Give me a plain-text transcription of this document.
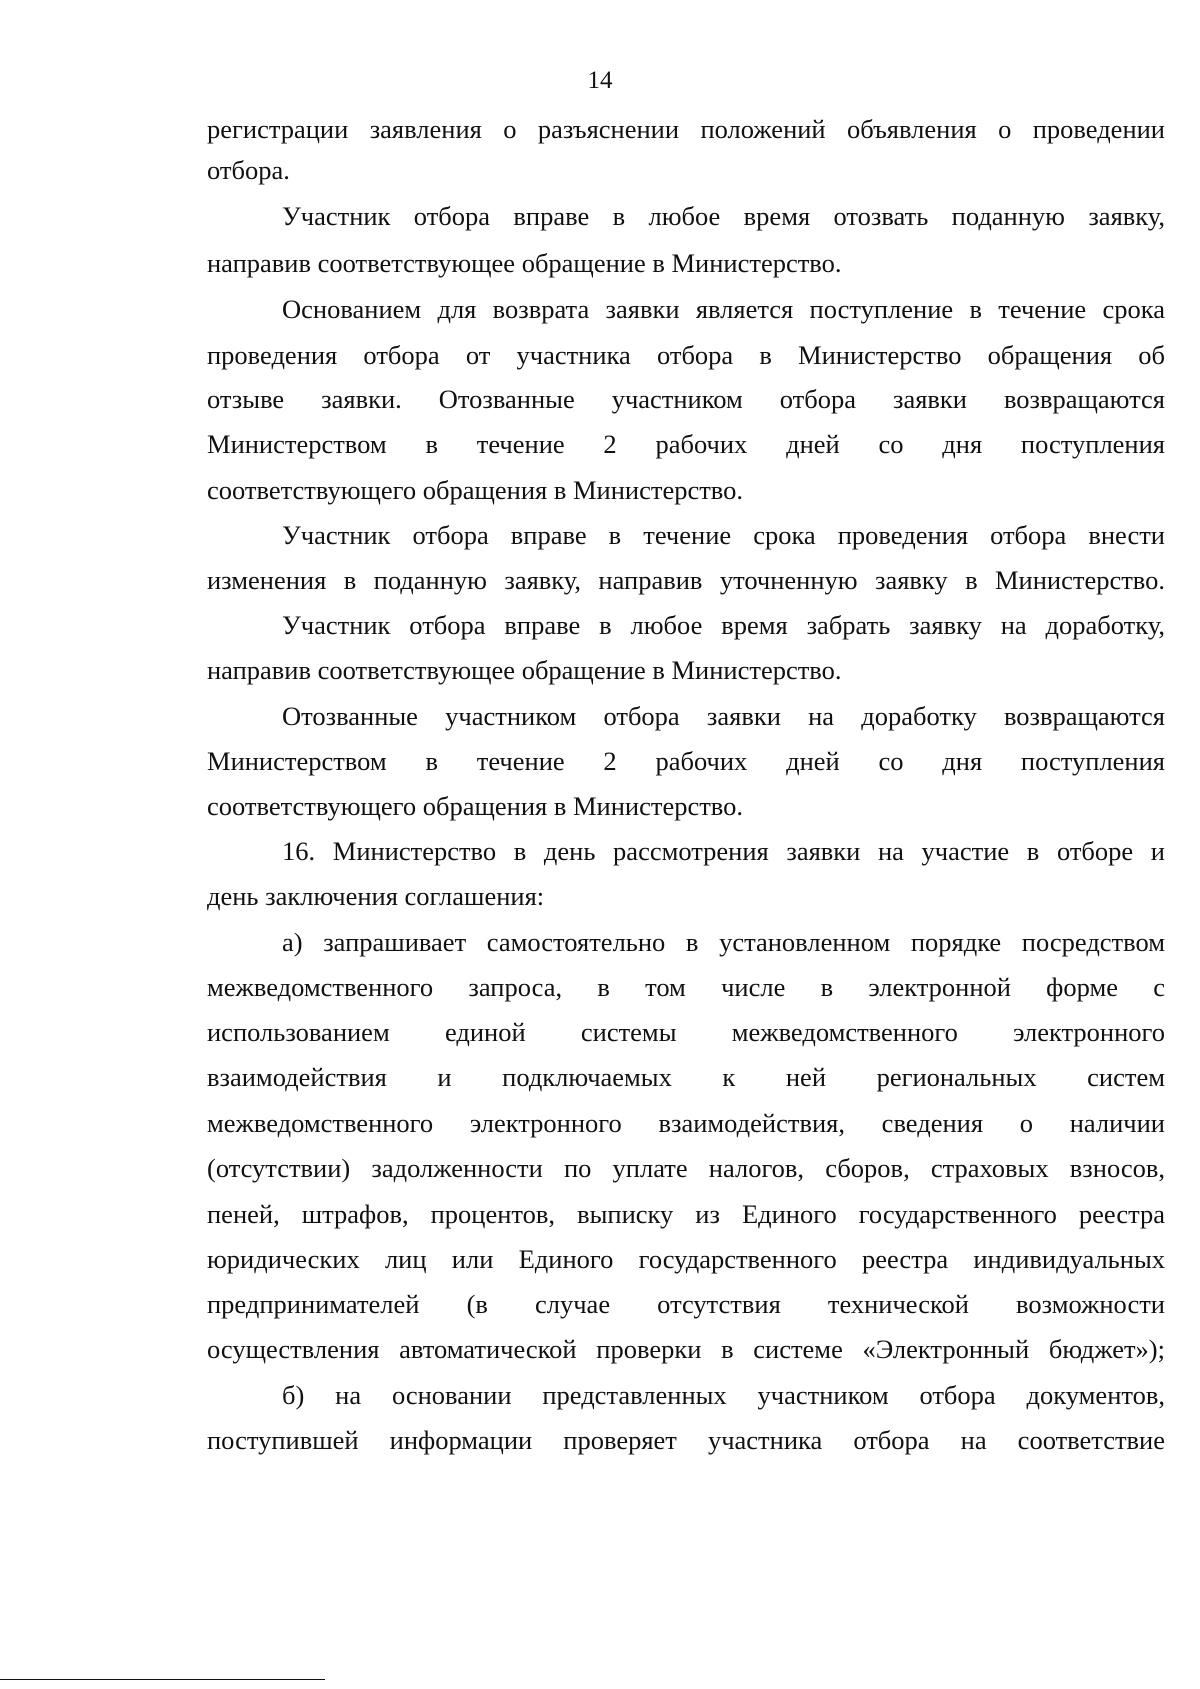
14
регистрации заявления о разъяснении положений объявления о проведении
отбора.
Участник отбора вправе в любое время отозвать поданную заявку,
направив соответствующее обращение в Министерство.
Основанием для возврата заявки является поступление в течение срока
проведения отбора от участника отбора в Министерство обращения об
отзыве заявки. Отозванные участником отбора заявки возвращаются
Министерством в течение 2 рабочих дней со дня поступления
соответствующего обращения в Министерство.
Участник отбора вправе в течение срока проведения отбора внести
изменения в поданную заявку, направив уточненную заявку в Министерство.
Участник отбора вправе в любое время забрать заявку на доработку,
направив соответствующее обращение в Министерство.
Отозванные участником отбора заявки на доработку возвращаются
Министерством в течение 2 рабочих дней со дня поступления
соответствующего обращения в Министерство.
16. Министерство в день рассмотрения заявки на участие в отборе и
день заключения соглашения:
а) запрашивает самостоятельно в установленном порядке посредством
межведомственного запроса, в том числе в электронной форме с
использованием единой системы межведомственного электронного
взаимодействия и подключаемых к ней региональных систем
межведомственного электронного взаимодействия, сведения о наличии
(отсутствии) задолженности по уплате налогов, сборов, страховых взносов,
пеней, штрафов, процентов, выписку из Единого государственного реестра
юридических лиц или Единого государственного реестра индивидуальных
предпринимателей (в случае отсутствия технической возможности
осуществления автоматической проверки в системе «Электронный бюджет»);
б) на основании представленных участником отбора документов,
поступившей информации проверяет участника отбора на соответствие
